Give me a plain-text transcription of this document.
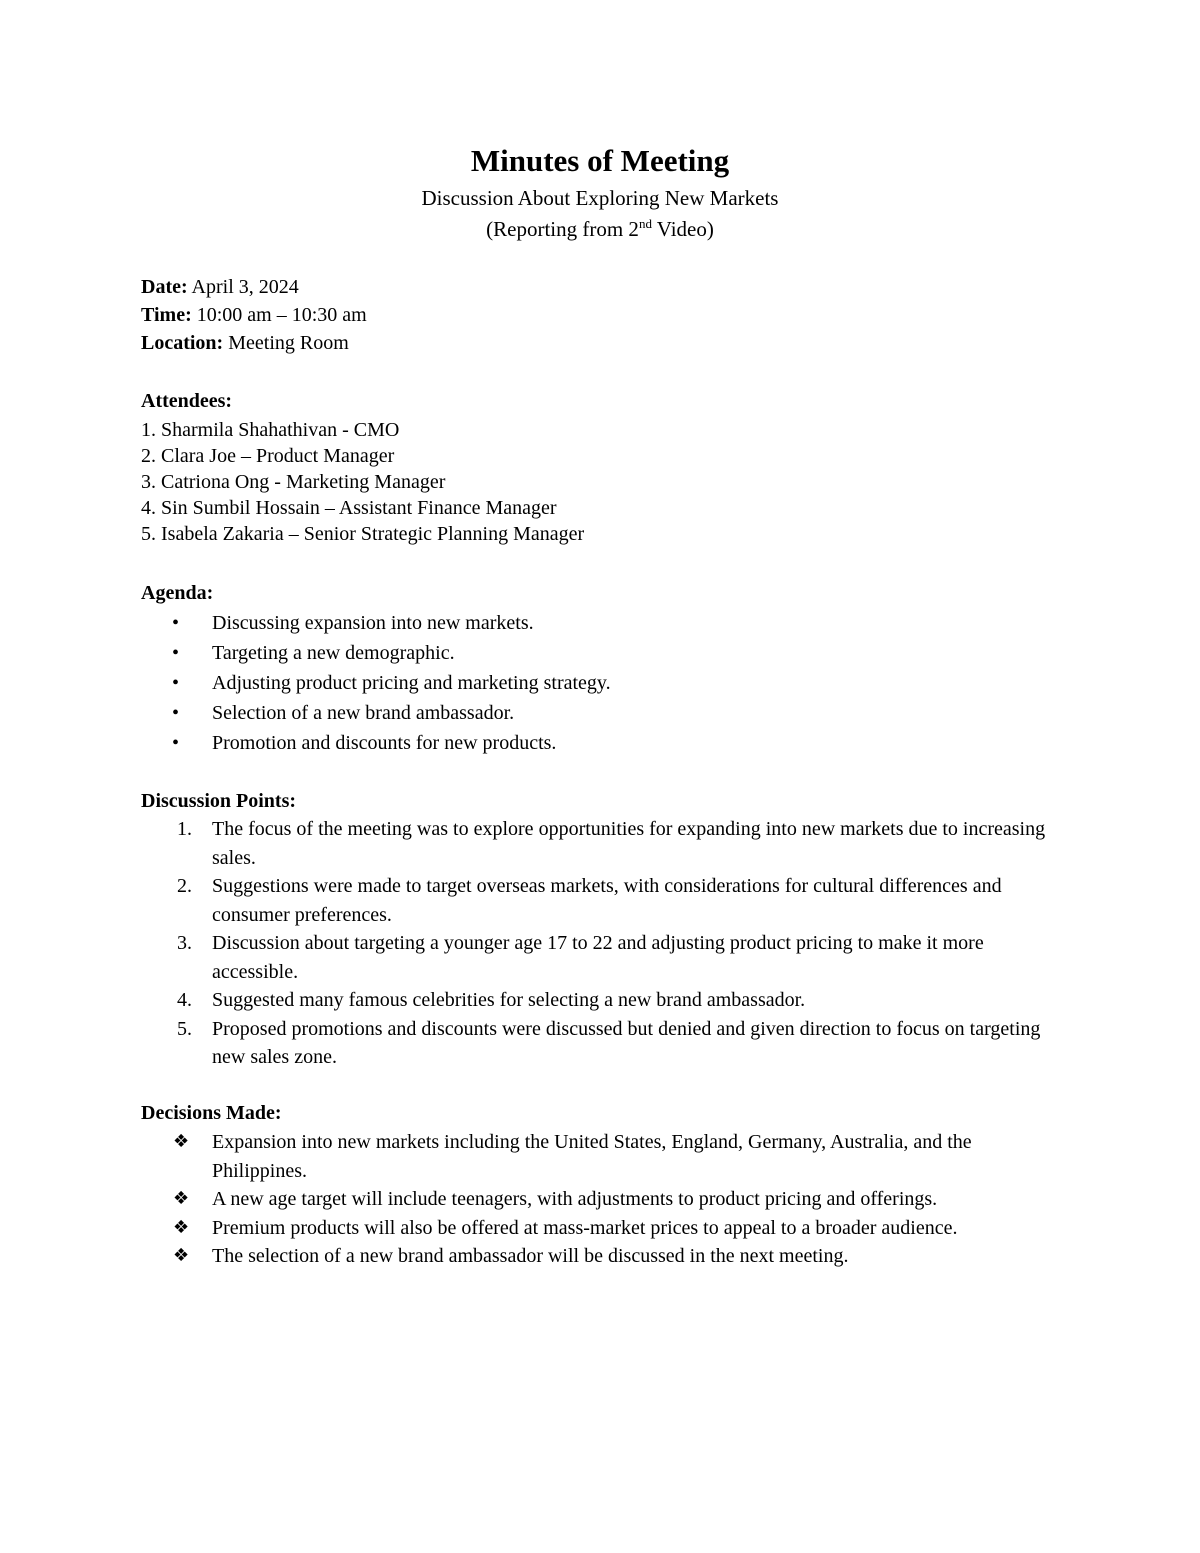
Minutes of Meeting
Discussion About Exploring New Markets
(Reporting from 2nd Video)
Date: April 3, 2024
Time: 10:00 am – 10:30 am
Location: Meeting Room
Attendees:
1. Sharmila Shahathivan - CMO
2. Clara Joe – Product Manager
3. Catriona Ong - Marketing Manager
4. Sin Sumbil Hossain – Assistant Finance Manager
5. Isabela Zakaria – Senior Strategic Planning Manager
Agenda:
• Discussing expansion into new markets.
• Targeting a new demographic.
• Adjusting product pricing and marketing strategy.
• Selection of a new brand ambassador.
• Promotion and discounts for new products.
Discussion Points:
1. The focus of the meeting was to explore opportunities for expanding into new markets due to increasing sales.
2. Suggestions were made to target overseas markets, with considerations for cultural differences and consumer preferences.
3. Discussion about targeting a younger age 17 to 22 and adjusting product pricing to make it more accessible.
4. Suggested many famous celebrities for selecting a new brand ambassador.
5. Proposed promotions and discounts were discussed but denied and given direction to focus on targeting new sales zone.
Decisions Made:
❖ Expansion into new markets including the United States, England, Germany, Australia, and the Philippines.
❖ A new age target will include teenagers, with adjustments to product pricing and offerings.
❖ Premium products will also be offered at mass-market prices to appeal to a broader audience.
❖ The selection of a new brand ambassador will be discussed in the next meeting.
